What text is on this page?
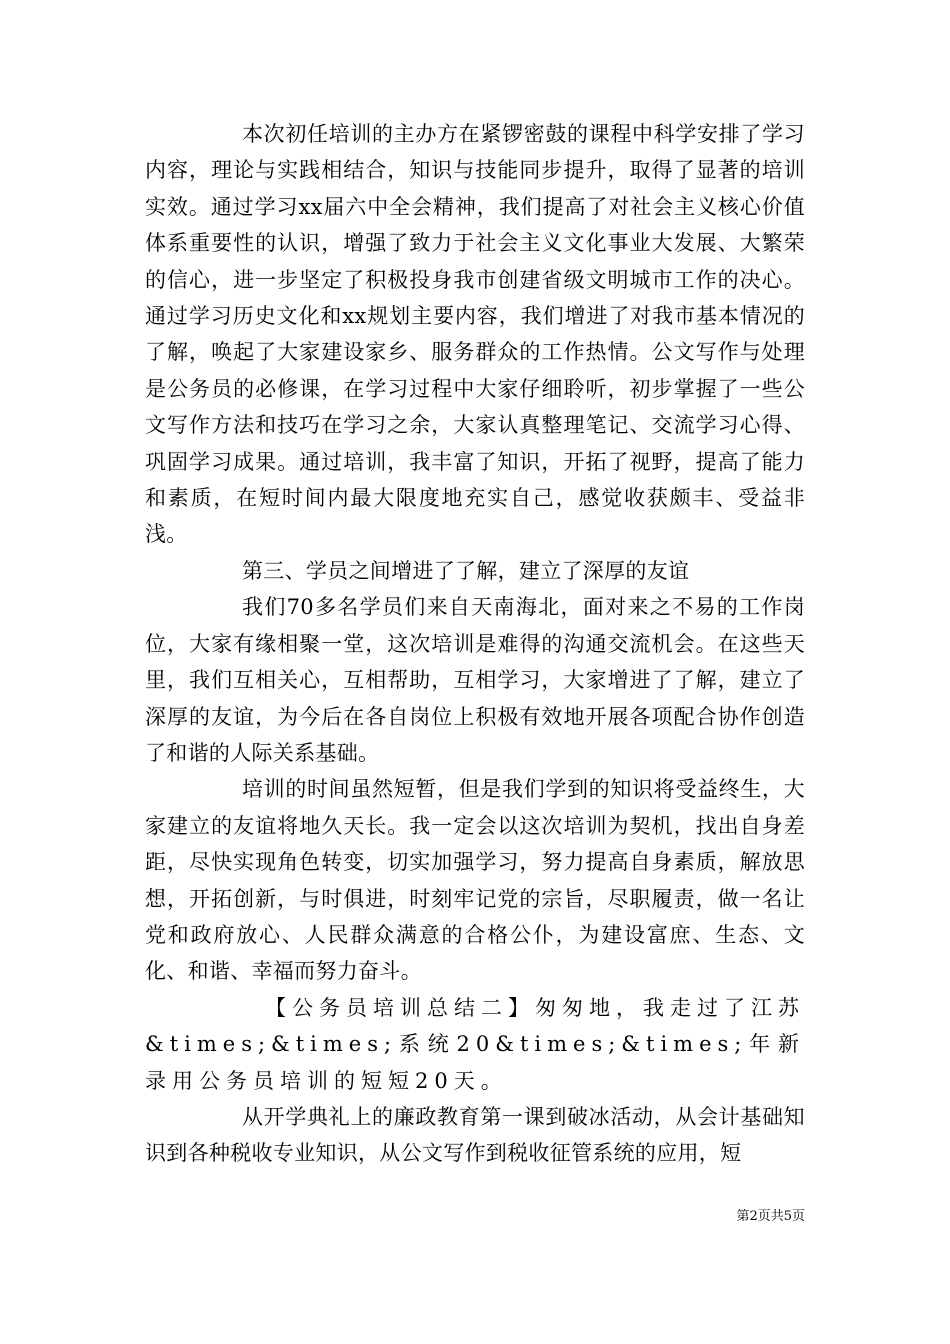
本次初任培训的主办方在紧锣密鼓的课程中科学安排了学习内容，理论与实践相结合，知识与技能同步提升，取得了显著的培训实效。通过学习xx届六中全会精神，我们提高了对社会主义核心价值体系重要性的认识，增强了致力于社会主义文化事业大发展、大繁荣的信心，进一步坚定了积极投身我市创建省级文明城市工作的决心。通过学习历史文化和xx规划主要内容，我们增进了对我市基本情况的了解，唤起了大家建设家乡、服务群众的工作热情。公文写作与处理是公务员的必修课，在学习过程中大家仔细聆听，初步掌握了一些公文写作方法和技巧在学习之余，大家认真整理笔记、交流学习心得、巩固学习成果。通过培训，我丰富了知识，开拓了视野，提高了能力和素质，在短时间内最大限度地充实自己，感觉收获颇丰、受益非浅。

第三、学员之间增进了了解，建立了深厚的友谊

我们70多名学员们来自天南海北，面对来之不易的工作岗位，大家有缘相聚一堂，这次培训是难得的沟通交流机会。在这些天里，我们互相关心，互相帮助，互相学习，大家增进了了解，建立了深厚的友谊，为今后在各自岗位上积极有效地开展各项配合协作创造了和谐的人际关系基础。

培训的时间虽然短暂，但是我们学到的知识将受益终生，大家建立的友谊将地久天长。我一定会以这次培训为契机，找出自身差距，尽快实现角色转变，切实加强学习，努力提高自身素质，解放思想，开拓创新，与时俱进，时刻牢记党的宗旨，尽职履责，做一名让党和政府放心、人民群众满意的合格公仆，为建设富庶、生态、文化、和谐、幸福而努力奋斗。

【公务员培训总结二】匆匆地，我走过了江苏&times;&times;系统20&times;&times;年新录用公务员培训的短短20天。

从开学典礼上的廉政教育第一课到破冰活动，从会计基础知识到各种税收专业知识，从公文写作到税收征管系统的应用，短

第2页共5页
